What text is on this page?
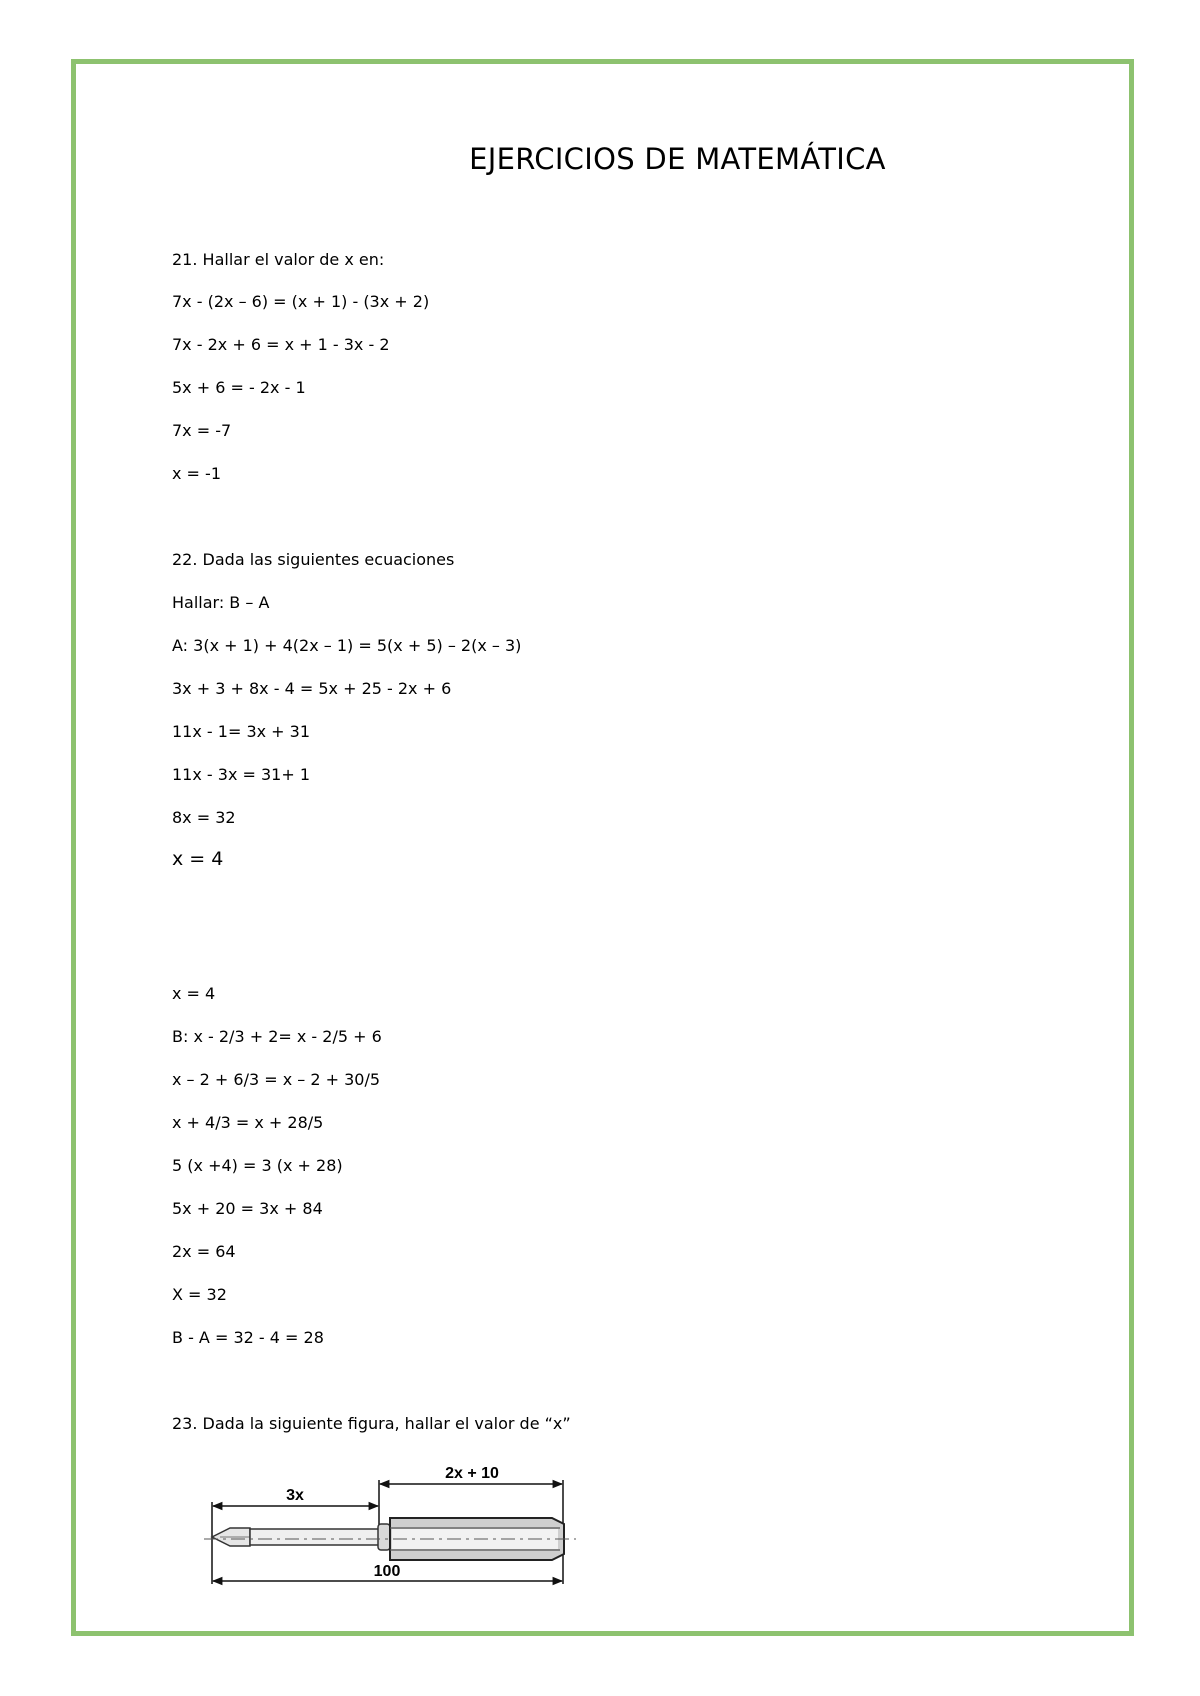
EJERCICIOS DE MATEMÁTICA
21. Hallar el valor de x en:
7x - (2x – 6) = (x + 1) - (3x + 2)
7x - 2x + 6 = x + 1 - 3x - 2
5x + 6 = - 2x - 1
7x = -7
x = -1
22. Dada las siguientes ecuaciones
Hallar: B – A
A: 3(x + 1) + 4(2x – 1) = 5(x + 5) – 2(x – 3)
3x + 3 + 8x - 4 = 5x + 25 - 2x + 6
11x - 1= 3x + 31
11x - 3x = 31+ 1
8x = 32
x = 4
x = 4
B: x - 2/3 + 2= x - 2/5 + 6
x – 2 + 6/3 = x – 2 + 30/5
x + 4/3 = x + 28/5
5 (x +4) = 3 (x + 28)
5x + 20 = 3x + 84
2x = 64
X = 32
B - A = 32 - 4 = 28
23. Dada la siguiente figura, hallar el valor de “x”
3x
2x + 10
100
